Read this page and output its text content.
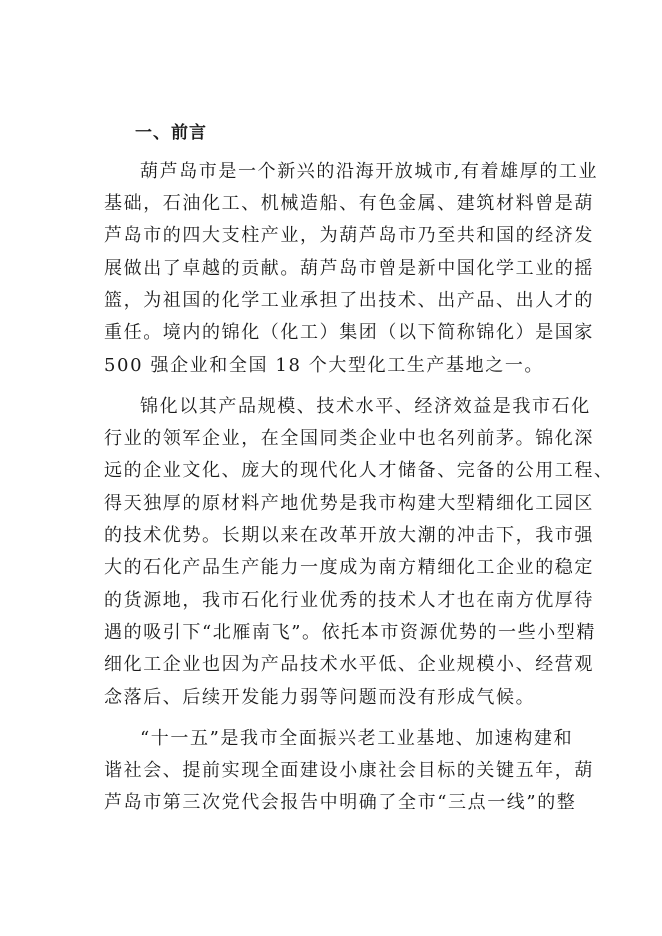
一、前言
葫芦岛市是一个新兴的沿海开放城市,有着雄厚的工业
基础，石油化工、机械造船、有色金属、建筑材料曾是葫
芦岛市的四大支柱产业，为葫芦岛市乃至共和国的经济发
展做出了卓越的贡献。葫芦岛市曾是新中国化学工业的摇
篮，为祖国的化学工业承担了出技术、出产品、出人才的
重任。境内的锦化（化工）集团（以下简称锦化）是国家
500 强企业和全国 18 个大型化工生产基地之一。
锦化以其产品规模、技术水平、经济效益是我市石化
行业的领军企业，在全国同类企业中也名列前茅。锦化深
远的企业文化、庞大的现代化人才储备、完备的公用工程、
得天独厚的原材料产地优势是我市构建大型精细化工园区
的技术优势。长期以来在改革开放大潮的冲击下，我市强
大的石化产品生产能力一度成为南方精细化工企业的稳定
的货源地，我市石化行业优秀的技术人才也在南方优厚待
遇的吸引下“北雁南飞”。依托本市资源优势的一些小型精
细化工企业也因为产品技术水平低、企业规模小、经营观
念落后、后续开发能力弱等问题而没有形成气候。
“十一五”是我市全面振兴老工业基地、加速构建和
谐社会、提前实现全面建设小康社会目标的关键五年，葫
芦岛市第三次党代会报告中明确了全市“三点一线”的整
